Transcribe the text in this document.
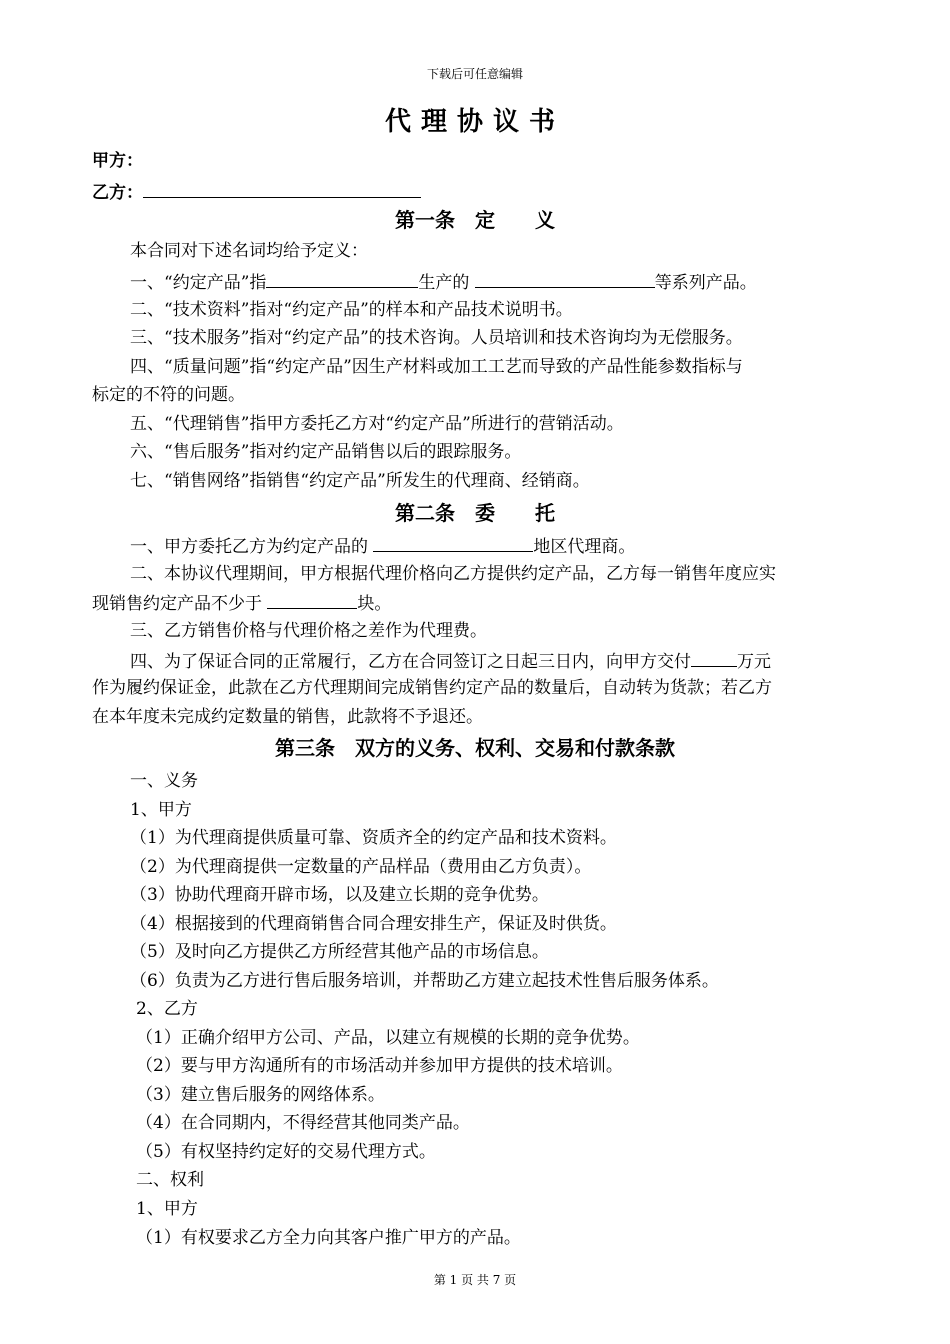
下载后可任意编辑
代理协议书
甲方：
乙方：
第一条　定　　义
本合同对下述名词均给予定义：
一、“约定产品”指	生产的	等系列产品。
二、“技术资料”指对“约定产品”的样本和产品技术说明书。
三、“技术服务”指对“约定产品”的技术咨询。人员培训和技术咨询均为无偿服务。
四、“质量问题”指“约定产品”因生产材料或加工工艺而导致的产品性能参数指标与
标定的不符的问题。
五、“代理销售”指甲方委托乙方对“约定产品”所进行的营销活动。
六、“售后服务”指对约定产品销售以后的跟踪服务。
七、“销售网络”指销售“约定产品”所发生的代理商、经销商。
第二条　委　　托
一、甲方委托乙方为约定产品的	地区代理商。
二、本协议代理期间，甲方根据代理价格向乙方提供约定产品，乙方每一销售年度应实
现销售约定产品不少于	块。
三、乙方销售价格与代理价格之差作为代理费。
四、为了保证合同的正常履行，乙方在合同签订之日起三日内，向甲方交付	万元
作为履约保证金，此款在乙方代理期间完成销售约定产品的数量后，自动转为货款；若乙方
在本年度未完成约定数量的销售，此款将不予退还。
第三条　双方的义务、权利、交易和付款条款
一、义务
1、甲方
（1）为代理商提供质量可靠、资质齐全的约定产品和技术资料。
（2）为代理商提供一定数量的产品样品（费用由乙方负责）。
（3）协助代理商开辟市场，以及建立长期的竞争优势。
（4）根据接到的代理商销售合同合理安排生产，保证及时供货。
（5）及时向乙方提供乙方所经营其他产品的市场信息。
（6）负责为乙方进行售后服务培训，并帮助乙方建立起技术性售后服务体系。
2、乙方
（1）正确介绍甲方公司、产品，以建立有规模的长期的竞争优势。
（2）要与甲方沟通所有的市场活动并参加甲方提供的技术培训。
（3）建立售后服务的网络体系。
（4）在合同期内，不得经营其他同类产品。
（5）有权坚持约定好的交易代理方式。
二、权利
1、甲方
（1）有权要求乙方全力向其客户推广甲方的产品。
第 1 页 共 7 页
